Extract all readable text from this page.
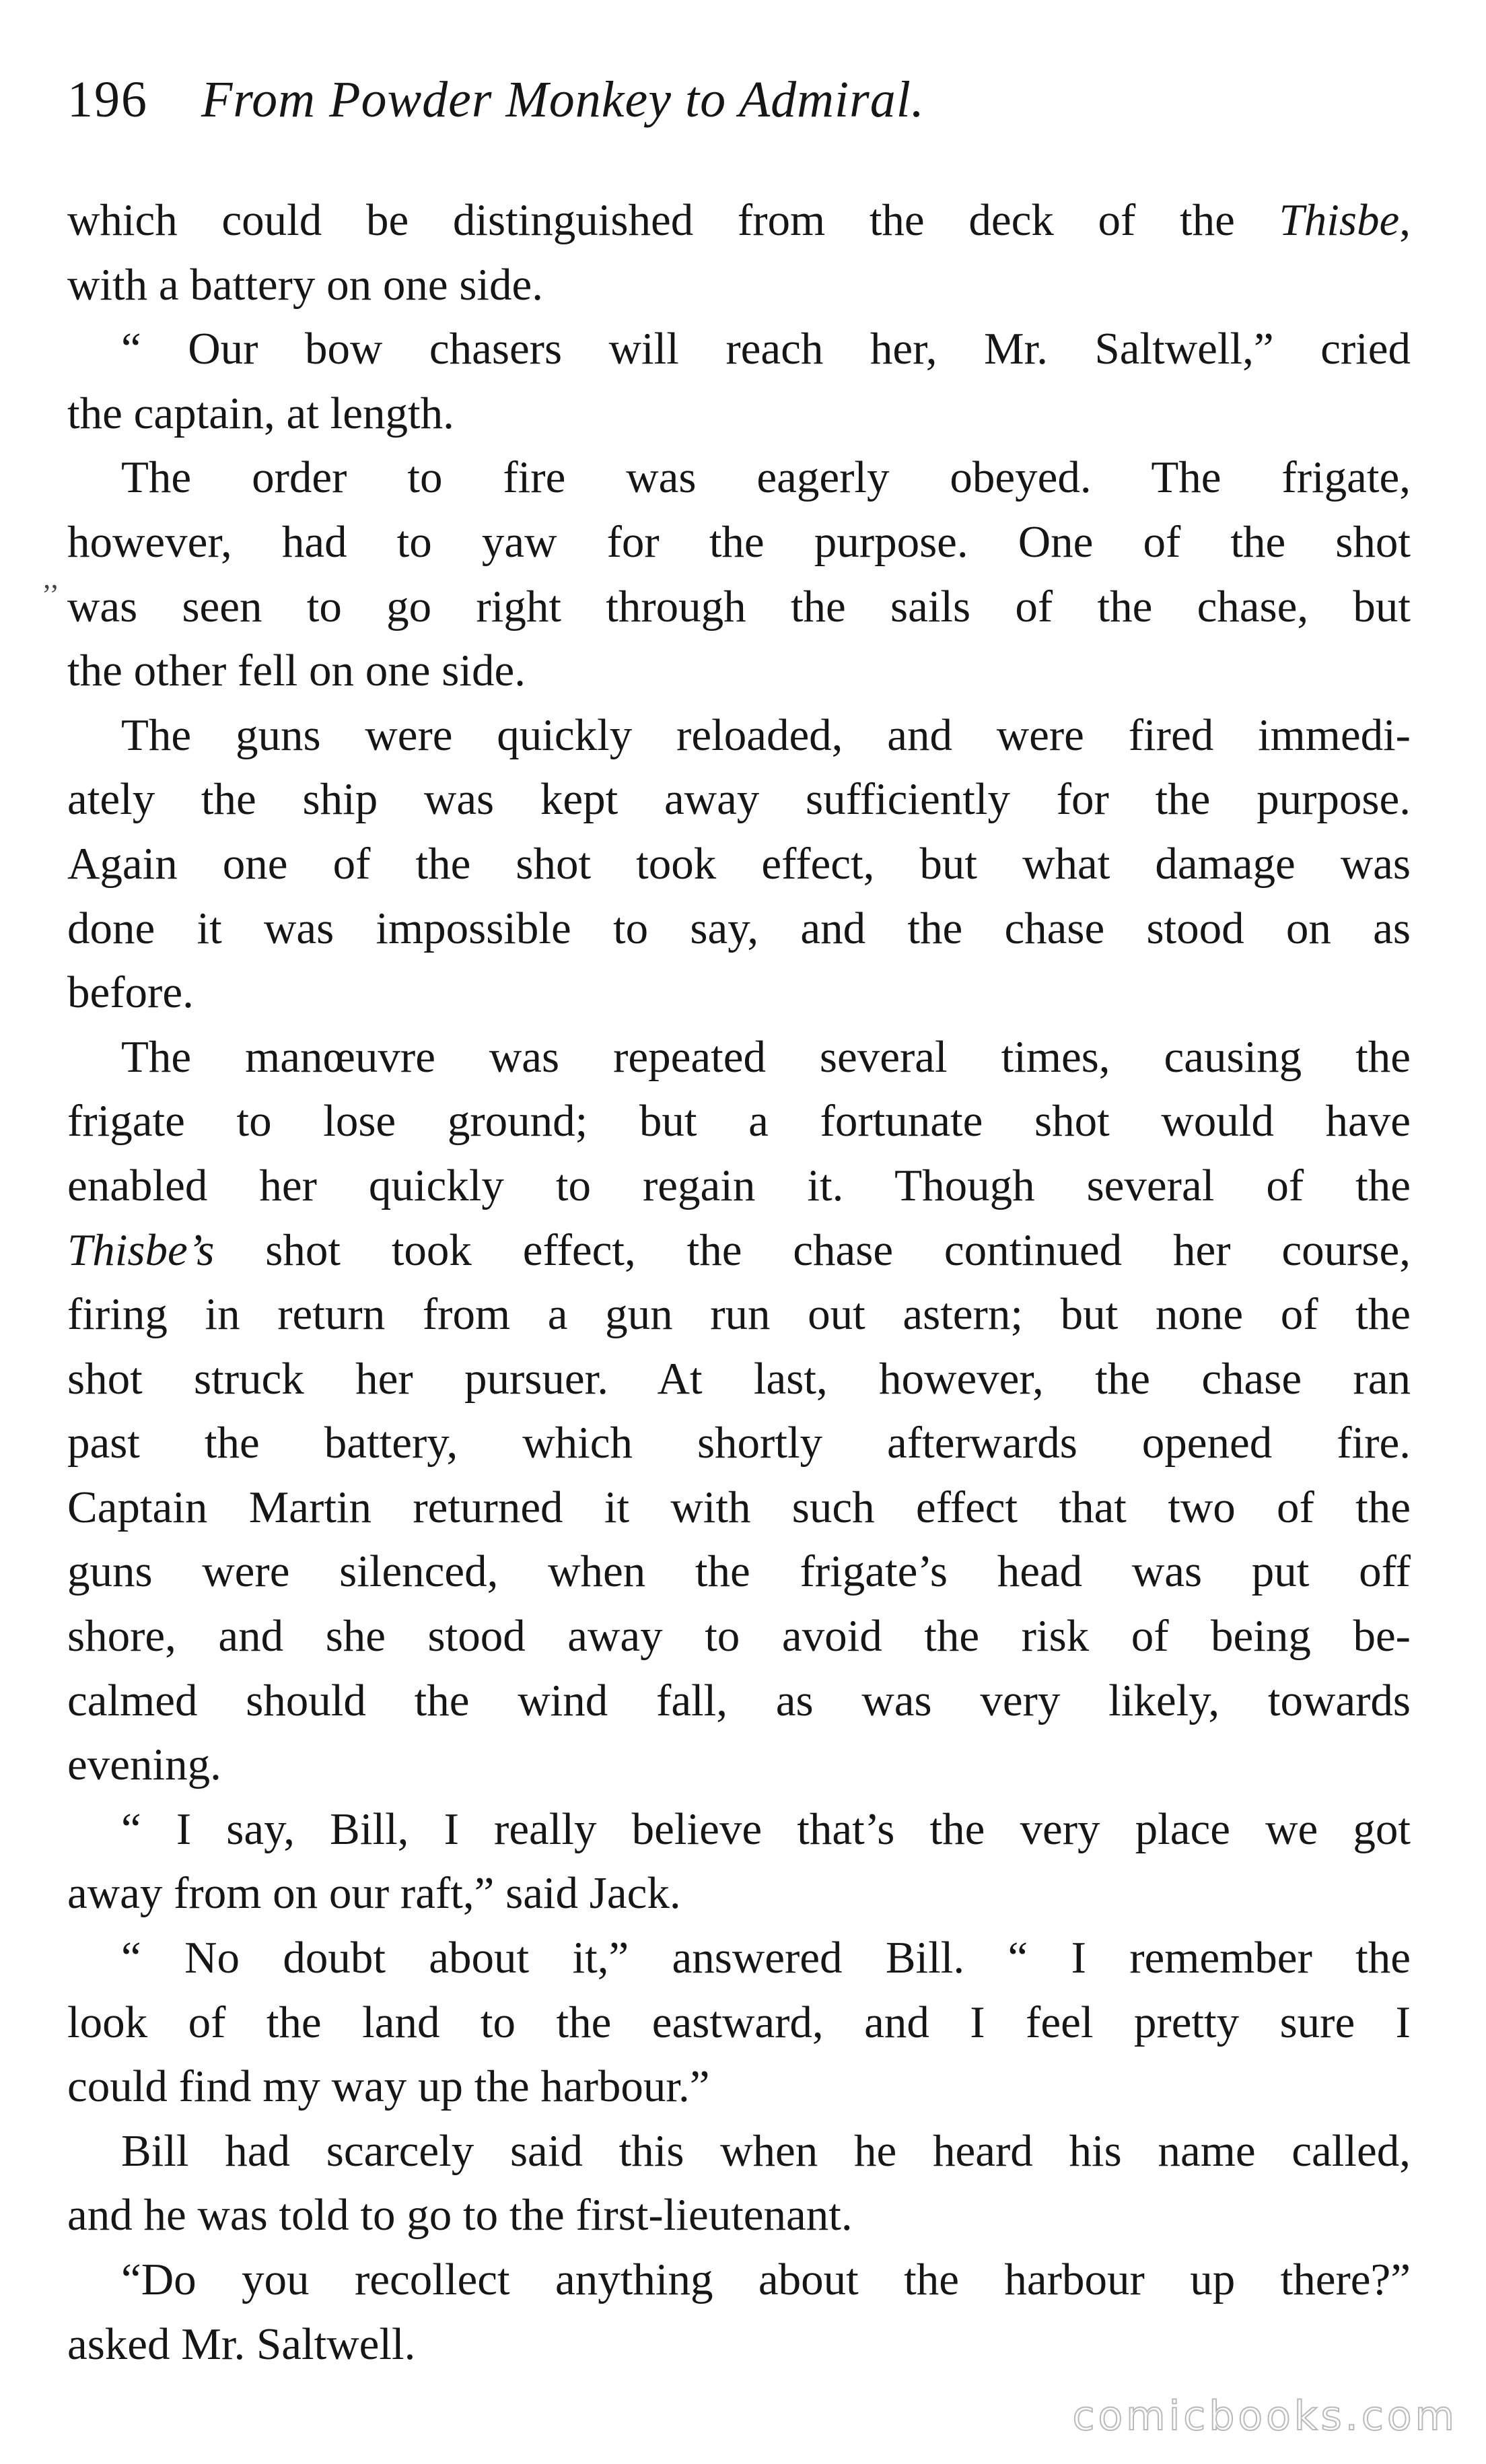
196 From Powder Monkey to Admiral.
’’
which could be distinguished from the deck of the Thisbe,
with a battery on one side.
“ Our bow chasers will reach her, Mr. Saltwell,” cried
the captain, at length.
The order to fire was eagerly obeyed. The frigate,
however, had to yaw for the purpose. One of the shot
was seen to go right through the sails of the chase, but
the other fell on one side.
The guns were quickly reloaded, and were fired immedi-
ately the ship was kept away sufficiently for the purpose.
Again one of the shot took effect, but what damage was
done it was impossible to say, and the chase stood on as
before.
The manœuvre was repeated several times, causing the
frigate to lose ground; but a fortunate shot would have
enabled her quickly to regain it. Though several of the
Thisbe’s shot took effect, the chase continued her course,
firing in return from a gun run out astern; but none of the
shot struck her pursuer. At last, however, the chase ran
past the battery, which shortly afterwards opened fire.
Captain Martin returned it with such effect that two of the
guns were silenced, when the frigate’s head was put off
shore, and she stood away to avoid the risk of being be-
calmed should the wind fall, as was very likely, towards
evening.
“ I say, Bill, I really believe that’s the very place we got
away from on our raft,” said Jack.
“ No doubt about it,” answered Bill. “ I remember the
look of the land to the eastward, and I feel pretty sure I
could find my way up the harbour.”
Bill had scarcely said this when he heard his name called,
and he was told to go to the first-lieutenant.
“Do you recollect anything about the harbour up there?”
asked Mr. Saltwell.
comicbooks.com
